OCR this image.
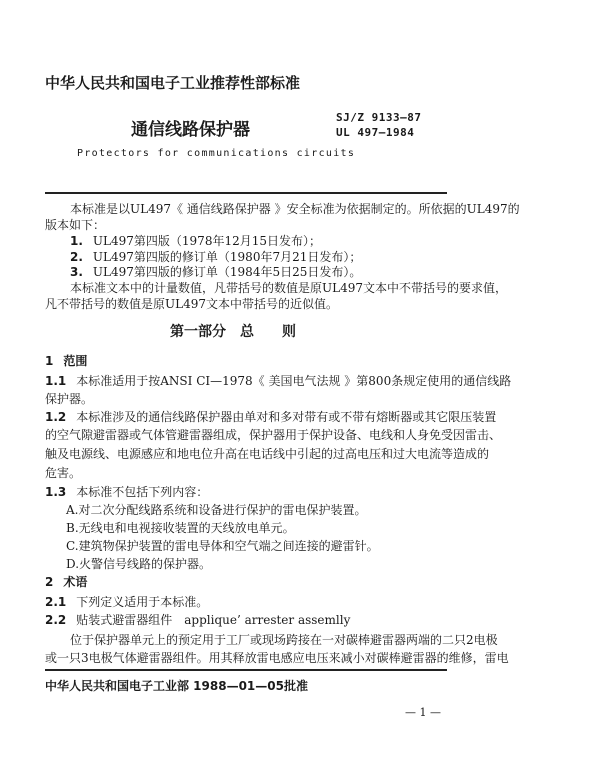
中华人民共和国电子工业推荐性部标准
SJ/Z 9133—87
UL 497—1984
通信线路保护器
Protectors for communications circuits
本标准是以UL497《 通信线路保护器 》安全标准为依据制定的。所依据的UL497的
版本如下：
1. UL497第四版（1978年12月15日发布）；
2. UL497第四版的修订单（1980年7月21日发布）；
3. UL497第四版的修订单（1984年5日25日发布）。
本标准文本中的计量数值，凡带括号的数值是原UL497文本中不带括号的要求值，
凡不带括号的数值是原UL497文本中带括号的近似值。
第一部分　总　　则
1 范围
1.1 本标准适用于按ANSI CI—1978《 美国电气法规 》第800条规定使用的通信线路
保护器。
1.2 本标准涉及的通信线路保护器由单对和多对带有或不带有熔断器或其它限压装置
的空气隙避雷器或气体管避雷器组成，保护器用于保护设备、电线和人身免受因雷击、
触及电源线、电源感应和地电位升高在电话线中引起的过高电压和过大电流等造成的
危害。
1.3 本标准不包括下列内容：
A.对二次分配线路系统和设备进行保护的雷电保护装置。
B.无线电和电视接收装置的天线放电单元。
C.建筑物保护装置的雷电导体和空气端之间连接的避雷针。
D.火警信号线路的保护器。
2 术语
2.1 下列定义适用于本标准。
2.2 贴装式避雷器组件　applique’ arrester assemlly
位于保护器单元上的预定用于工厂或现场跨接在一对碳棒避雷器两端的二只2电极
或一只3电极气体避雷器组件。用其释放雷电感应电压来减小对碳棒避雷器的维修，雷电
中华人民共和国电子工业部 1988—01—05批准
— 1 —
